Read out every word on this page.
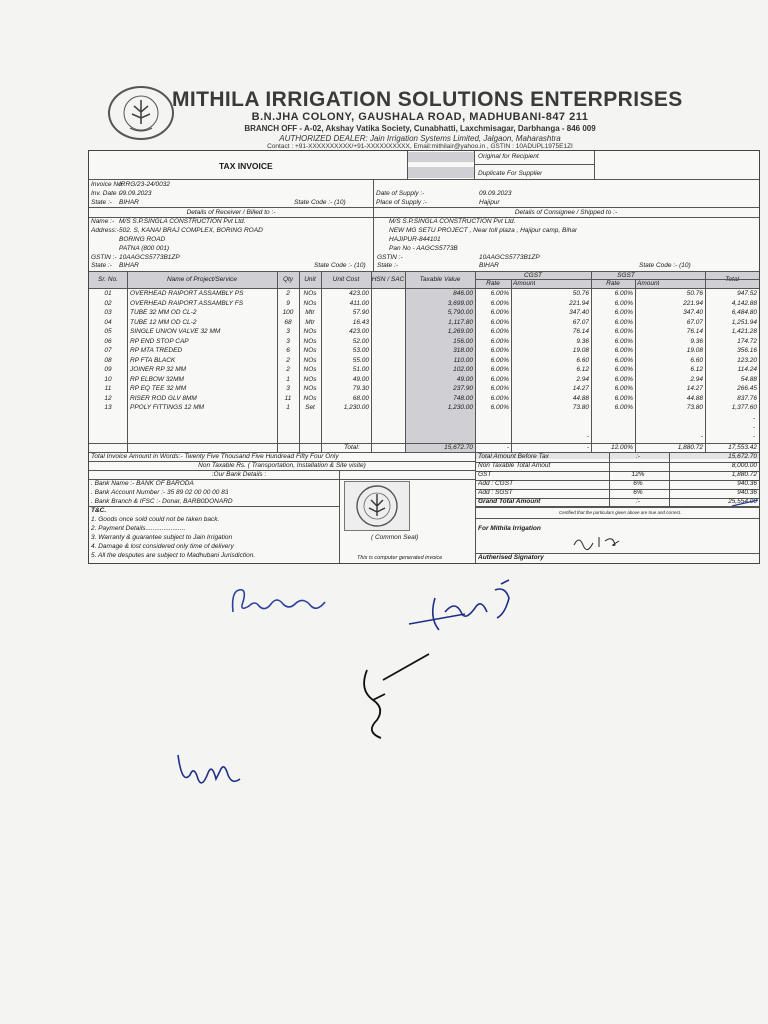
MITHILA IRRIGATION SOLUTIONS ENTERPRISES
B.N.JHA COLONY, GAUSHALA ROAD, MADHUBANI-847 211
BRANCH OFF - A-02, Akshay Vatika Society, Cunabhatti, Laxchmisagar, Darbhanga - 846 009
AUTHORIZED DEALER: Jain Irrigation Systems Limited, Jalgaon, Maharashtra
Contact : +91-XXXXXXXXXX/+91-XXXXXXXXXX, Email:mithilair@yahoo.in , GSTIN : 10ADUPL1975E1ZI
TAX INVOICE
Original for Recipient
Duplicate For Supplier
Invoice No.
IRRG/23-24/0032
Inv. Date :-
09.09.2023
State :- BIHAR	State Code :- (10)
Date of Supply :-	09.09.2023
Place of Supply :-	Hajipur
Details of Receiver / Billed to :-	Details of Consignee / Shipped to :-
Name :- M/S S.P.SINGLA CONSTRUCTION Pvt Ltd.
Address:- 502. S, KANAI BRAJ COMPLEX, BORING ROAD
BORING ROAD
PATNA (800 001)
GSTIN :- 10AAGCS5773B1ZP
State :- BIHAR	State Code :- (10)
M/S S.P.SINGLA CONSTRUCTION Pvt Ltd.
NEW MG SETU PROJECT , Near toll plaza , Hajipur camp, Bihar
HAJIPUR-844101
Pan No - AAGCS5773B
GSTIN :-	10AAGCS5773B1ZP
State :-	BIHAR	State Code :- (10)
Sr. No.	Name of Project/Service	Qty	Unit	Unit Cost	HSN / SAC	Taxable Value
CGST
Rate	Amount
SGST
Rate	Amount
Total
01	OVERHEAD RAIPORT ASSAMBLY PS	2	NOs	423.00	846.00	6.00%	50.76	6.00%	50.76	947.52
02	OVERHEAD RAIPORT ASSAMBLY FS	9	NOs	411.00	3,699.00	6.00%	221.94	6.00%	221.94	4,142.88
03	TUBE 32 MM OD CL-2	100	Mtr	57.90	5,790.00	6.00%	347.40	6.00%	347.40	6,484.80
04	TUBE 12 MM OD CL-2	68	Mtr	16.43	1,117.80	6.00%	67.07	6.00%	67.07	1,251.94
05	SINGLE UNION VALVE 32 MM	3	NOs	423.00	1,269.00	6.00%	76.14	6.00%	76.14	1,421.28
06	RP END STOP CAP	3	NOs	52.00	156.00	6.00%	9.36	6.00%	9.36	174.72
07	RP MTA TREDED	6	NOs	53.00	318.00	6.00%	19.08	6.00%	19.08	356.16
08	RP FTA BLACK	2	NOs	55.00	110.00	6.00%	6.60	6.00%	6.60	123.20
09	JOINER RP 32 MM	2	NOs	51.00	102.00	6.00%	6.12	6.00%	6.12	114.24
10	RP ELBOW 32MM	1	NOs	49.00	49.00	6.00%	2.94	6.00%	2.94	54.88
11	RP EQ TEE 32 MM	3	NOs	79.30	237.90	6.00%	14.27	6.00%	14.27	266.45
12	RISER ROD GLV 8MM	11	NOs	68.00	748.00	6.00%	44.88	6.00%	44.88	837.76
13	PPOLY FITTINGS 12 MM	1	Set	1,230.00	1,230.00	6.00%	73.80	6.00%	73.80	1,377.60
-
-
-
-	-
Total:	15,672.70	-	-	12.00%	1,880.72	17,553.42
Total Invoice Amount in Words:- Twenty Five Thousand Five Hundread Fifty Four Only
Non Taxable Rs. ( Transportation, Installation & Site visite)
:Our Bank Details :
. Bank Name :- BANK OF BARODA
. Bank Account Number :- 35 89 02 00 00 00 83
. Bank Branch & IFSC :- Donar, BARB0DONARD
T&C.
1. Goods once sold could not be taken back.
2. Payment Details......................
3. Warranty & guarantee subject to Jain Irrigation
4. Damage & lost considered only time of delivery
5. All the desputes are subject to Madhubani Jurisdiction.
( Common Seal)
This is computer generated invoice
Total Amount Before Tax	:-	15,672.70
Non Taxable Total Amout	8,000.00
GST	12%	1,880.72
Add : CGST	6%	940.36
Add : SGST	6%	940.36
Grand Total Amount	:-	25,554.00
Certified that the particulars given above are true and correct.
For Mithila Irrigation
Autherised Signatory
